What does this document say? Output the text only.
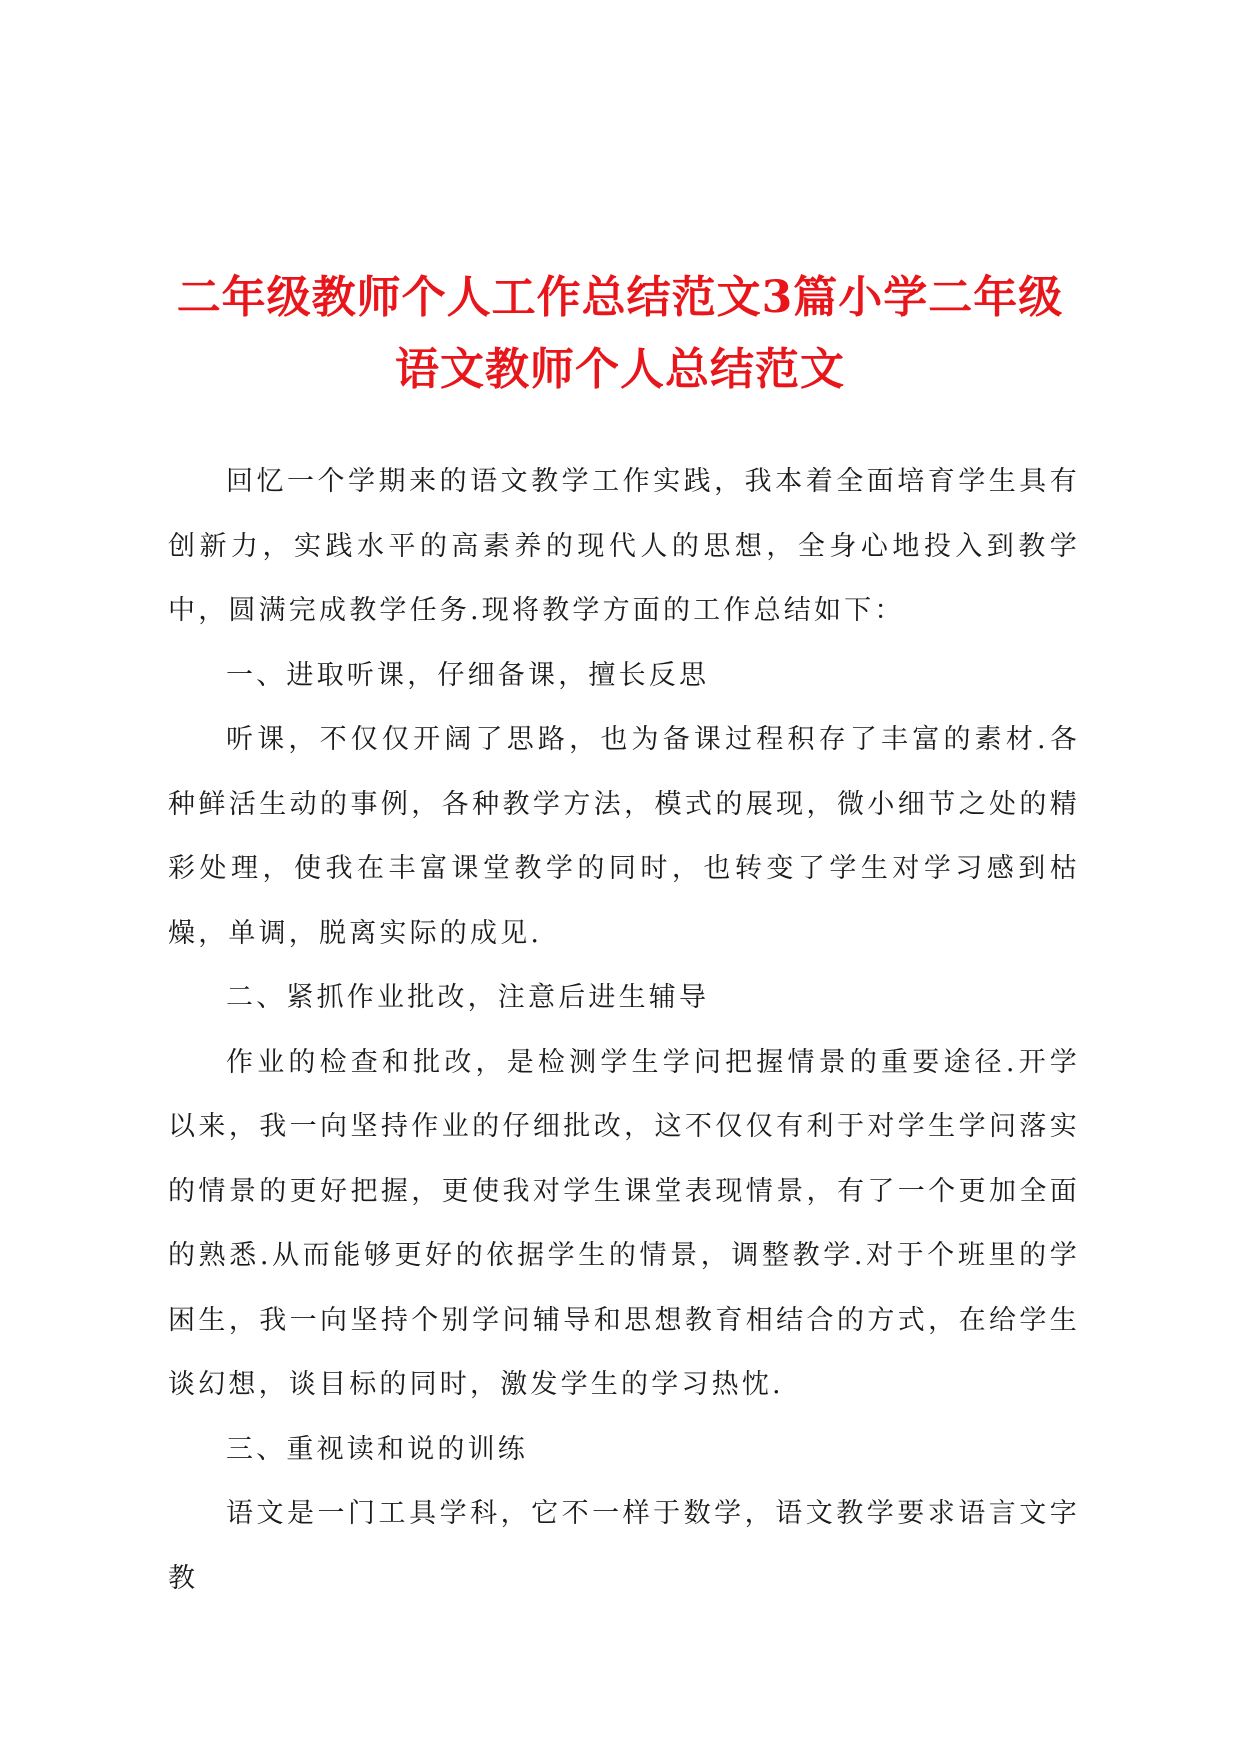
二年级教师个人工作总结范文3篇小学二年级
语文教师个人总结范文

回忆一个学期来的语文教学工作实践，我本着全面培育学生具有创新力，实践水平的高素养的现代人的思想，全身心地投入到教学中，圆满完成教学任务.现将教学方面的工作总结如下：

一、进取听课，仔细备课，擅长反思

听课，不仅仅开阔了思路，也为备课过程积存了丰富的素材.各种鲜活生动的事例，各种教学方法，模式的展现，微小细节之处的精彩处理，使我在丰富课堂教学的同时，也转变了学生对学习感到枯燥，单调，脱离实际的成见.

二、紧抓作业批改，注意后进生辅导

作业的检查和批改，是检测学生学问把握情景的重要途径.开学以来，我一向坚持作业的仔细批改，这不仅仅有利于对学生学问落实的情景的更好把握，更使我对学生课堂表现情景，有了一个更加全面的熟悉.从而能够更好的依据学生的情景，调整教学.对于个班里的学困生，我一向坚持个别学问辅导和思想教育相结合的方式，在给学生谈幻想，谈目标的同时，激发学生的学习热忱.

三、重视读和说的训练

语文是一门工具学科，它不一样于数学，语文教学要求语言文字教
